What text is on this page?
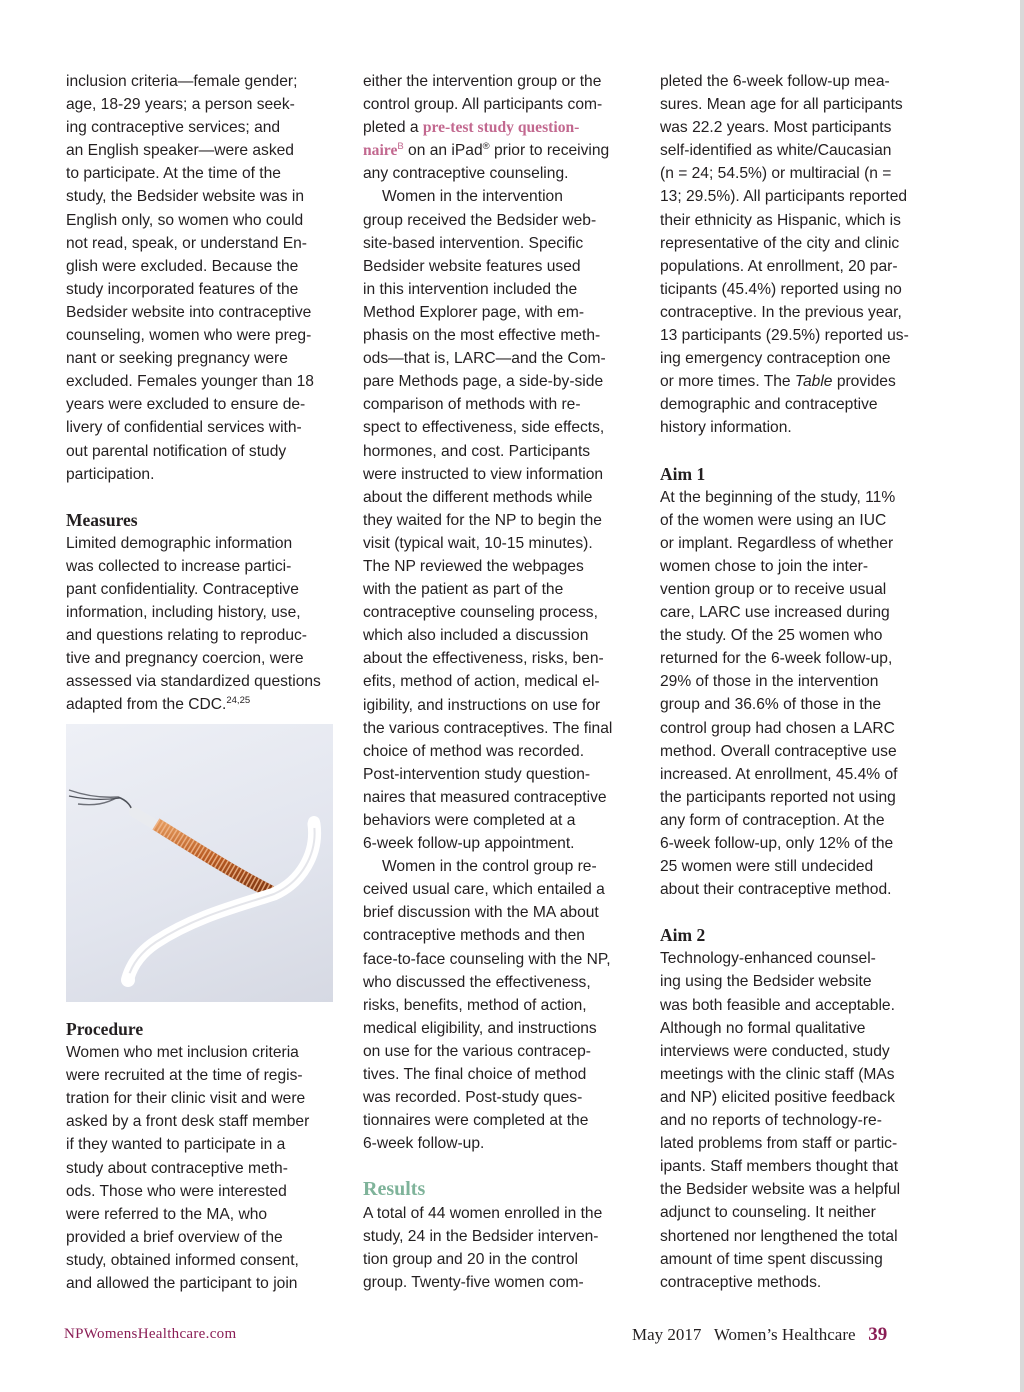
inclusion criteria—female gender;

age, 18-29 years; a person seek-

ing contraceptive services; and

an English speaker—were asked

to participate. At the time of the

study, the Bedsider website was in

English only, so women who could

not read, speak, or understand En-

glish were excluded. Because the

study incorporated features of the

Bedsider website into contraceptive

counseling, women who were preg-

nant or seeking pregnancy were

excluded. Females younger than 18

years were excluded to ensure de-

livery of confidential services with-

out parental notification of study

participation.

Measures

Limited demographic information

was collected to increase partici-

pant confidentiality. Contraceptive

information, including history, use,

and questions relating to reproduc-

tive and pregnancy coercion, were

assessed via standardized questions

adapted from the CDC.$^{24,25}$

Procedure

Women who met inclusion criteria

were recruited at the time of regis-

tration for their clinic visit and were

asked by a front desk staff member

if they wanted to participate in a

study about contraceptive meth-

ods. Those who were interested

were referred to the MA, who

provided a brief overview of the

study, obtained informed consent,

and allowed the participant to join

either the intervention group or the

control group. All participants com-

pleted a pre-test study question-

naire$^B$ on an iPad® prior to receiving

any contraceptive counseling.

Women in the intervention

group received the Bedsider web-

site-based intervention. Specific

Bedsider website features used

in this intervention included the

Method Explorer page, with em-

phasis on the most effective meth-

ods—that is, LARC—and the Com-

pare Methods page, a side-by-side

comparison of methods with re-

spect to effectiveness, side effects,

hormones, and cost. Participants

were instructed to view information

about the different methods while

they waited for the NP to begin the

visit (typical wait, 10-15 minutes).

The NP reviewed the webpages

with the patient as part of the

contraceptive counseling process,

which also included a discussion

about the effectiveness, risks, ben-

efits, method of action, medical el-

igibility, and instructions on use for

the various contraceptives. The final

choice of method was recorded.

Post-intervention study question-

naires that measured contraceptive

behaviors were completed at a

6-week follow-up appointment.

Women in the control group re-

ceived usual care, which entailed a

brief discussion with the MA about

contraceptive methods and then

face-to-face counseling with the NP,

who discussed the effectiveness,

risks, benefits, method of action,

medical eligibility, and instructions

on use for the various contracep-

tives. The final choice of method

was recorded. Post-study ques-

tionnaires were completed at the

6-week follow-up.

Results

A total of 44 women enrolled in the

study, 24 in the Bedsider interven-

tion group and 20 in the control

group. Twenty-five women com-

pleted the 6-week follow-up mea-

sures. Mean age for all participants

was 22.2 years. Most participants

self-identified as white/Caucasian

(n = 24; 54.5%) or multiracial (n =

13; 29.5%). All participants reported

their ethnicity as Hispanic, which is

representative of the city and clinic

populations. At enrollment, 20 par-

ticipants (45.4%) reported using no

contraceptive. In the previous year,

13 participants (29.5%) reported us-

ing emergency contraception one

or more times. The Table provides

demographic and contraceptive

history information.

Aim 1

At the beginning of the study, 11%

of the women were using an IUC

or implant. Regardless of whether

women chose to join the inter-

vention group or to receive usual

care, LARC use increased during

the study. Of the 25 women who

returned for the 6-week follow-up,

29% of those in the intervention

group and 36.6% of those in the

control group had chosen a LARC

method. Overall contraceptive use

increased. At enrollment, 45.4% of

the participants reported not using

any form of contraception. At the

6-week follow-up, only 12% of the

25 women were still undecided

about their contraceptive method.

Aim 2

Technology-enhanced counsel-

ing using the Bedsider website

was both feasible and acceptable.

Although no formal qualitative

interviews were conducted, study

meetings with the clinic staff (MAs

and NP) elicited positive feedback

and no reports of technology-re-

lated problems from staff or partic-

ipants. Staff members thought that

the Bedsider website was a helpful

adjunct to counseling. It neither

shortened nor lengthened the total

amount of time spent discussing

contraceptive methods.

NPWomensHealthcare.com	May 2017 Women’s Healthcare 39
